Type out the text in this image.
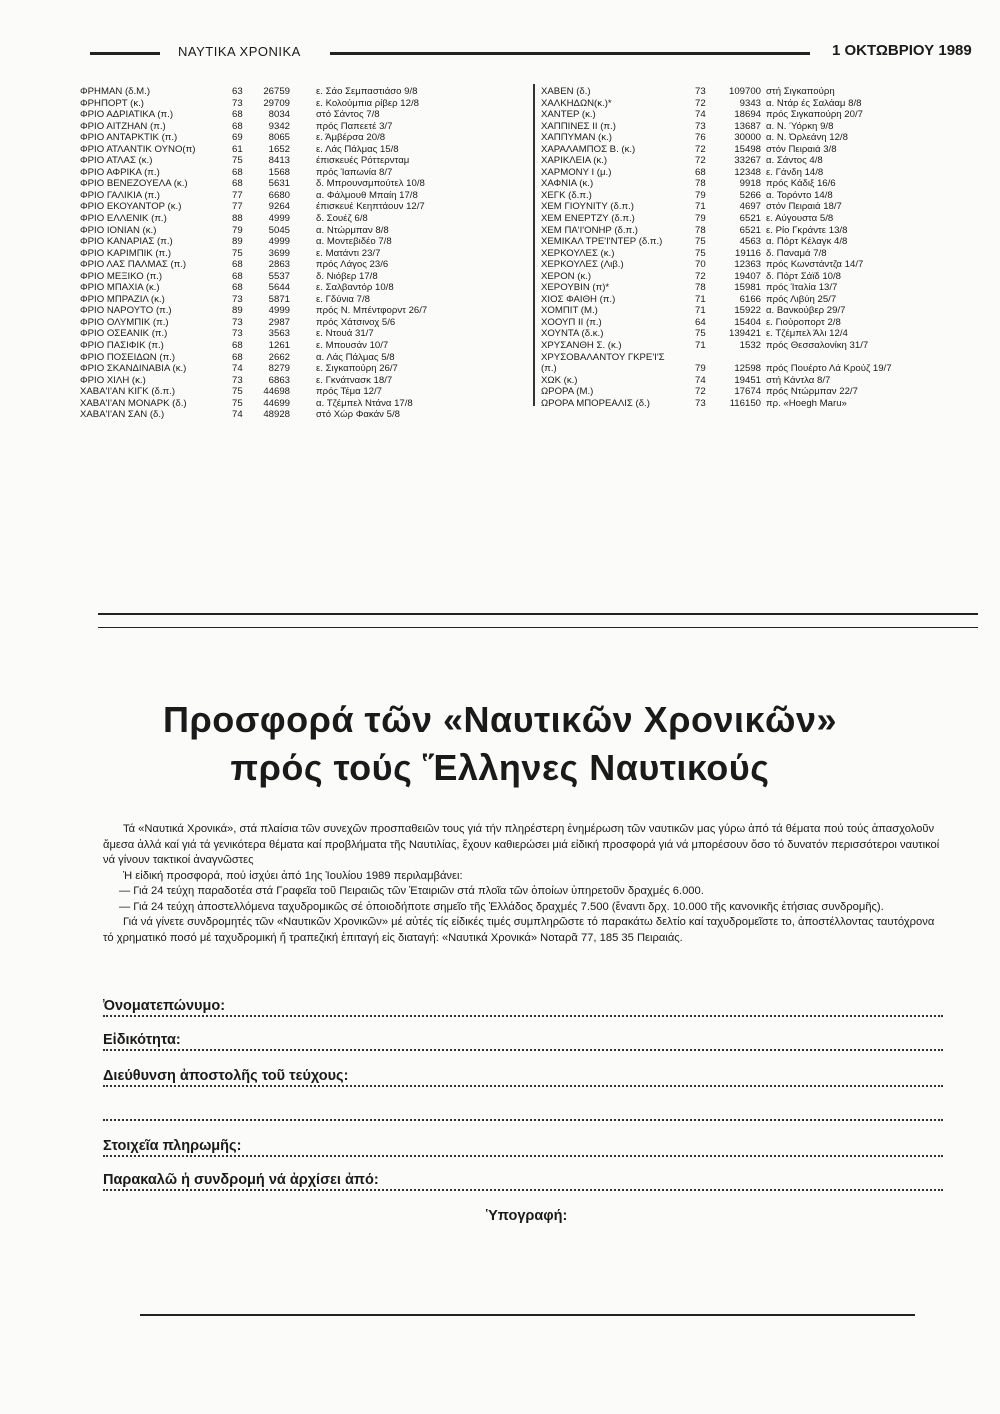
ΝΑΥΤΙΚΑ ΧΡΟΝΙΚΑ	1 ΟΚΤΩΒΡΙΟΥ 1989
ΦΡΗΜΑΝ (δ.Μ.)	63 26759	ε. Σάο Σεμπαστιάσο 9/8
ΦΡΗΠΟΡΤ (κ.)	73 29709	ε. Κολούμπια ρίβερ 12/8
ΦΡΙΟ ΑΔΡΙΑΤΙΚΑ (π.)	68	8034	στό Σάντος 7/8
ΦΡΙΟ ΑΙΤΖΗΑΝ (π.)	68	9342	πρός Παπεετέ 3/7
ΦΡΙΟ ΑΝΤΑΡΚΤΙΚ (π.)	69	8065	ε. Άμβέρσα 20/8
ΦΡΙΟ ΑΤΛΑΝΤΙΚ ΟΥΝΟ(π)	61	1652	ε. Λάς Πάλμας 15/8
ΦΡΙΟ ΑΤΛΑΣ (κ.)	75	8413	έπισκευές Ρόττερνταμ
ΦΡΙΟ ΑΦΡΙΚΑ (π.)	68	1568	πρός Ίαπωνία 8/7
ΦΡΙΟ ΒΕΝΕΖΟΥΕΛΑ (κ.)	68	5631	δ. Μπρουνσμπούτελ 10/8
ΦΡΙΟ ΓΑΛΙΚΙΑ (π.)	77	6680	α. Φάλμουθ Μπαίη 17/8
ΦΡΙΟ ΕΚΟΥΑΝΤΟΡ (κ.)	77	9264	έπισκευέ Κεηπτάουν 12/7
ΦΡΙΟ ΕΛΛΕΝΙΚ (π.)	88	4999	δ. Σουέζ 6/8
ΦΡΙΟ ΙΟΝΙΑΝ (κ.)	79	5045	α. Ντώρμπαν 8/8
ΦΡΙΟ ΚΑΝΑΡΙΑΣ (π.)	89	4999	α. Μοντεβιδέο 7/8
ΦΡΙΟ ΚΑΡΙΜΠΙΚ (π.)	75	3699	ε. Ματάντι 23/7
ΦΡΙΟ ΛΑΣ ΠΑΛΜΑΣ (π.)	68	2863	πρός Λάγος 23/6
ΦΡΙΟ ΜΕΞΙΚΟ (π.)	68	5537	δ. Νιόβερ 17/8
ΦΡΙΟ ΜΠΑΧΙΑ (κ.)	68	5644	ε. Σαλβαντόρ 10/8
ΦΡΙΟ ΜΠΡΑΖΙΛ (κ.)	73	5871	ε. Γδύνια 7/8
ΦΡΙΟ ΝΑΡΟΥΤΟ (π.)	89	4999	πρός Ν. Μπέντφορντ 26/7
ΦΡΙΟ ΟΛΥΜΠΙΚ (π.)	73	2987	πρός Χάτσινοχ 5/6
ΦΡΙΟ ΟΣΕΑΝΙΚ (π.)	73	3563	ε. Ντουά 31/7
ΦΡΙΟ ΠΑΣΙΦΙΚ (π.)	68	1261	ε. Μπουσάν 10/7
ΦΡΙΟ ΠΟΣΕΙΔΩΝ (π.)	68	2662	α. Λάς Πάλμας 5/8
ΦΡΙΟ ΣΚΑΝΔΙΝΑΒΙΑ (κ.)	74	8279	ε. Σιγκαπούρη 26/7
ΦΡΙΟ ΧΙΛΗ (κ.)	73	6863	ε. Γκνάτνασκ 18/7
ΧΑΒΑ'Ι'ΑΝ ΚΙΓΚ (δ.π.)	75 44698	πρός Τέμα 12/7
ΧΑΒΑ'Ι'ΑΝ ΜΟΝΑΡΚ (δ.)	75 44699	α. Τζέμπελ Ντάνα 17/8
ΧΑΒΑ'Ι'ΑΝ ΣΑΝ (δ.)	74 48928	στό Χώρ Φακάν 5/8
ΧΑΒΕΝ (δ.)	73 109700 στή Σιγκαπούρη
ΧΑΛΚΗΔΩΝ(κ.)*	72	9343 α. Ντάρ ές Σαλάαμ 8/8
ΧΑΝΤΕΡ (κ.)	74	18694 πρός Σιγκαπούρη 20/7
ΧΑΠΠΙΝΕΣ ΙΙ (π.)	73	13687 α. Ν. Ύόρκη 9/8
ΧΑΠΠΥΜΑΝ (κ.)	76	30000 α. Ν. Όρλεάνη 12/8
ΧΑΡΑΛΑΜΠΟΣ Β. (κ.)	72	15498 στόν Πειραιά 3/8
ΧΑΡΙΚΛΕΙΑ (κ.)	72	33267 α. Σάντος 4/8
ΧΑΡΜΟΝΥ Ι (μ.)	68	12348 ε. Γάνδη 14/8
ΧΑΦΝΙΑ (κ.)	78	9918 πρός Κάδιξ 16/6
ΧΕΓΚ (δ.π.)	79	5266 α. Τορόντο 14/8
ΧΕΜ ΓΙΟΥΝΙΤΥ (δ.π.)	71	4697 στόν Πειραιά 18/7
ΧΕΜ ΕΝΕΡΤΖΥ (δ.π.)	79	6521 ε. Αύγουστα 5/8
ΧΕΜ ΠΑ'Ι'ΟΝΗΡ (δ.π.)	78	6521 ε. Ρίο Γκράντε 13/8
ΧΕΜΙΚΑΛ ΤΡΕ'Ι'ΝΤΕΡ (δ.π.)	75	4563 α. Πόρτ Κέλαγκ 4/8
ΧΕΡΚΟΥΛΕΣ (κ.)	75	19116 δ. Παναμά 7/8
ΧΕΡΚΟΥΛΕΣ (Λιβ.)	70	12363 πρός Κωνστάντζα 14/7
ΧΕΡΟΝ (κ.)	72	19407 δ. Πόρτ Σάϊδ 10/8
ΧΕΡΟΥΒΙΝ (π)*	78	15981 πρός Ίταλία 13/7
ΧΙΟΣ ΦΑΙΘΗ (π.)	71	6166 πρός Λιβύη 25/7
ΧΟΜΠΙΤ (Μ.)	71	15922 α. Βανκούβερ 29/7
ΧΟΟΥΠ ΙΙ (π.)	64	15404 ε. Γιούροπορτ 2/8
ΧΟΥΝΤΑ (δ.κ.)	75 139421 ε. Τζέμπελ Άλι 12/4
ΧΡΥΣΑΝΘΗ Σ. (κ.)	71	1532 πρός Θεσσαλονίκη 31/7
ΧΡΥΣΟΒΑΛΑΝΤΟΥ ΓΚΡΕ'Ι'Σ
(π.)	79	12598 πρός Πουέρτο Λά Κρούζ 19/7
ΧΩΚ (κ.)	74	19451 στή Κάντλα 8/7
ΩΡΟΡΑ (Μ.)	72	17674 πρός Ντώρμπαν 22/7
ΩΡΟΡΑ ΜΠΟΡΕΑΛΙΣ (δ.)	73	116150 πρ. «Hoegh Maru»
Προσφορά τῶν «Ναυτικῶν Χρονικῶν»
πρός τούς Ἕλληνες Ναυτικούς

Τά «Ναυτικά Χρονικά», στά πλαίσια τῶν συνεχῶν προσπαθειῶν τους γιά τήν πληρέστερη ἐνημέρωση τῶν ναυτικῶν μας γύρω ἀπό τά θέματα πού τούς ἀπασχολοῦν ἄμεσα ἀλλά καί γιά τά γενικότερα θέματα καί προβλήματα τῆς Ναυτιλίας, ἔχουν καθιερώσει μιά εἰδική προσφορά γιά νά μπορέσουν ὅσο τό δυνατόν περισσότεροι ναυτικοί νά γίνουν τακτικοί ἀναγνῶστες

Ἡ εἰδική προσφορά, πού ἰσχύει ἀπό 1ης Ἰουλίου 1989 περιλαμβάνει:

— Γιά 24 τεύχη παραδοτέα στά Γραφεῖα τοῦ Πειραιῶς τῶν Ἑταιριῶν στά πλοῖα τῶν ὁποίων ὑπηρετοῦν δραχμές 6.000.

— Γιά 24 τεύχη ἀποστελλόμενα ταχυδρομικῶς σέ ὁποιοδήποτε σημεῖο τῆς Ἑλλάδος δραχμές 7.500 (ἔναντι δρχ. 10.000 τῆς κανονικῆς ἐτήσιας συνδρομῆς).

Γιά νά γίνετε συνδρομητές τῶν «Ναυτικῶν Χρονικῶν» μέ αὐτές τίς εἰδικές τιμές συμπληρῶστε τό παρακάτω δελτίο καί ταχυδρομεῖστε το, ἀποστέλλοντας ταυτόχρονα τό χρηματικό ποσό μέ ταχυδρομική ἤ τραπεζική ἐπιταγή εἰς διαταγή: «Ναυτικά Χρονικά» Νοταρᾶ 77, 185 35 Πειραιάς.

Ὀνοματεπώνυμο:
Εἰδικότητα:
Διεύθυνση ἀποστολῆς τοῦ τεύχους:
Στοιχεῖα πληρωμῆς:
Παρακαλῶ ἡ συνδρομή νά ἀρχίσει ἀπό:
Ὑπογραφή:
